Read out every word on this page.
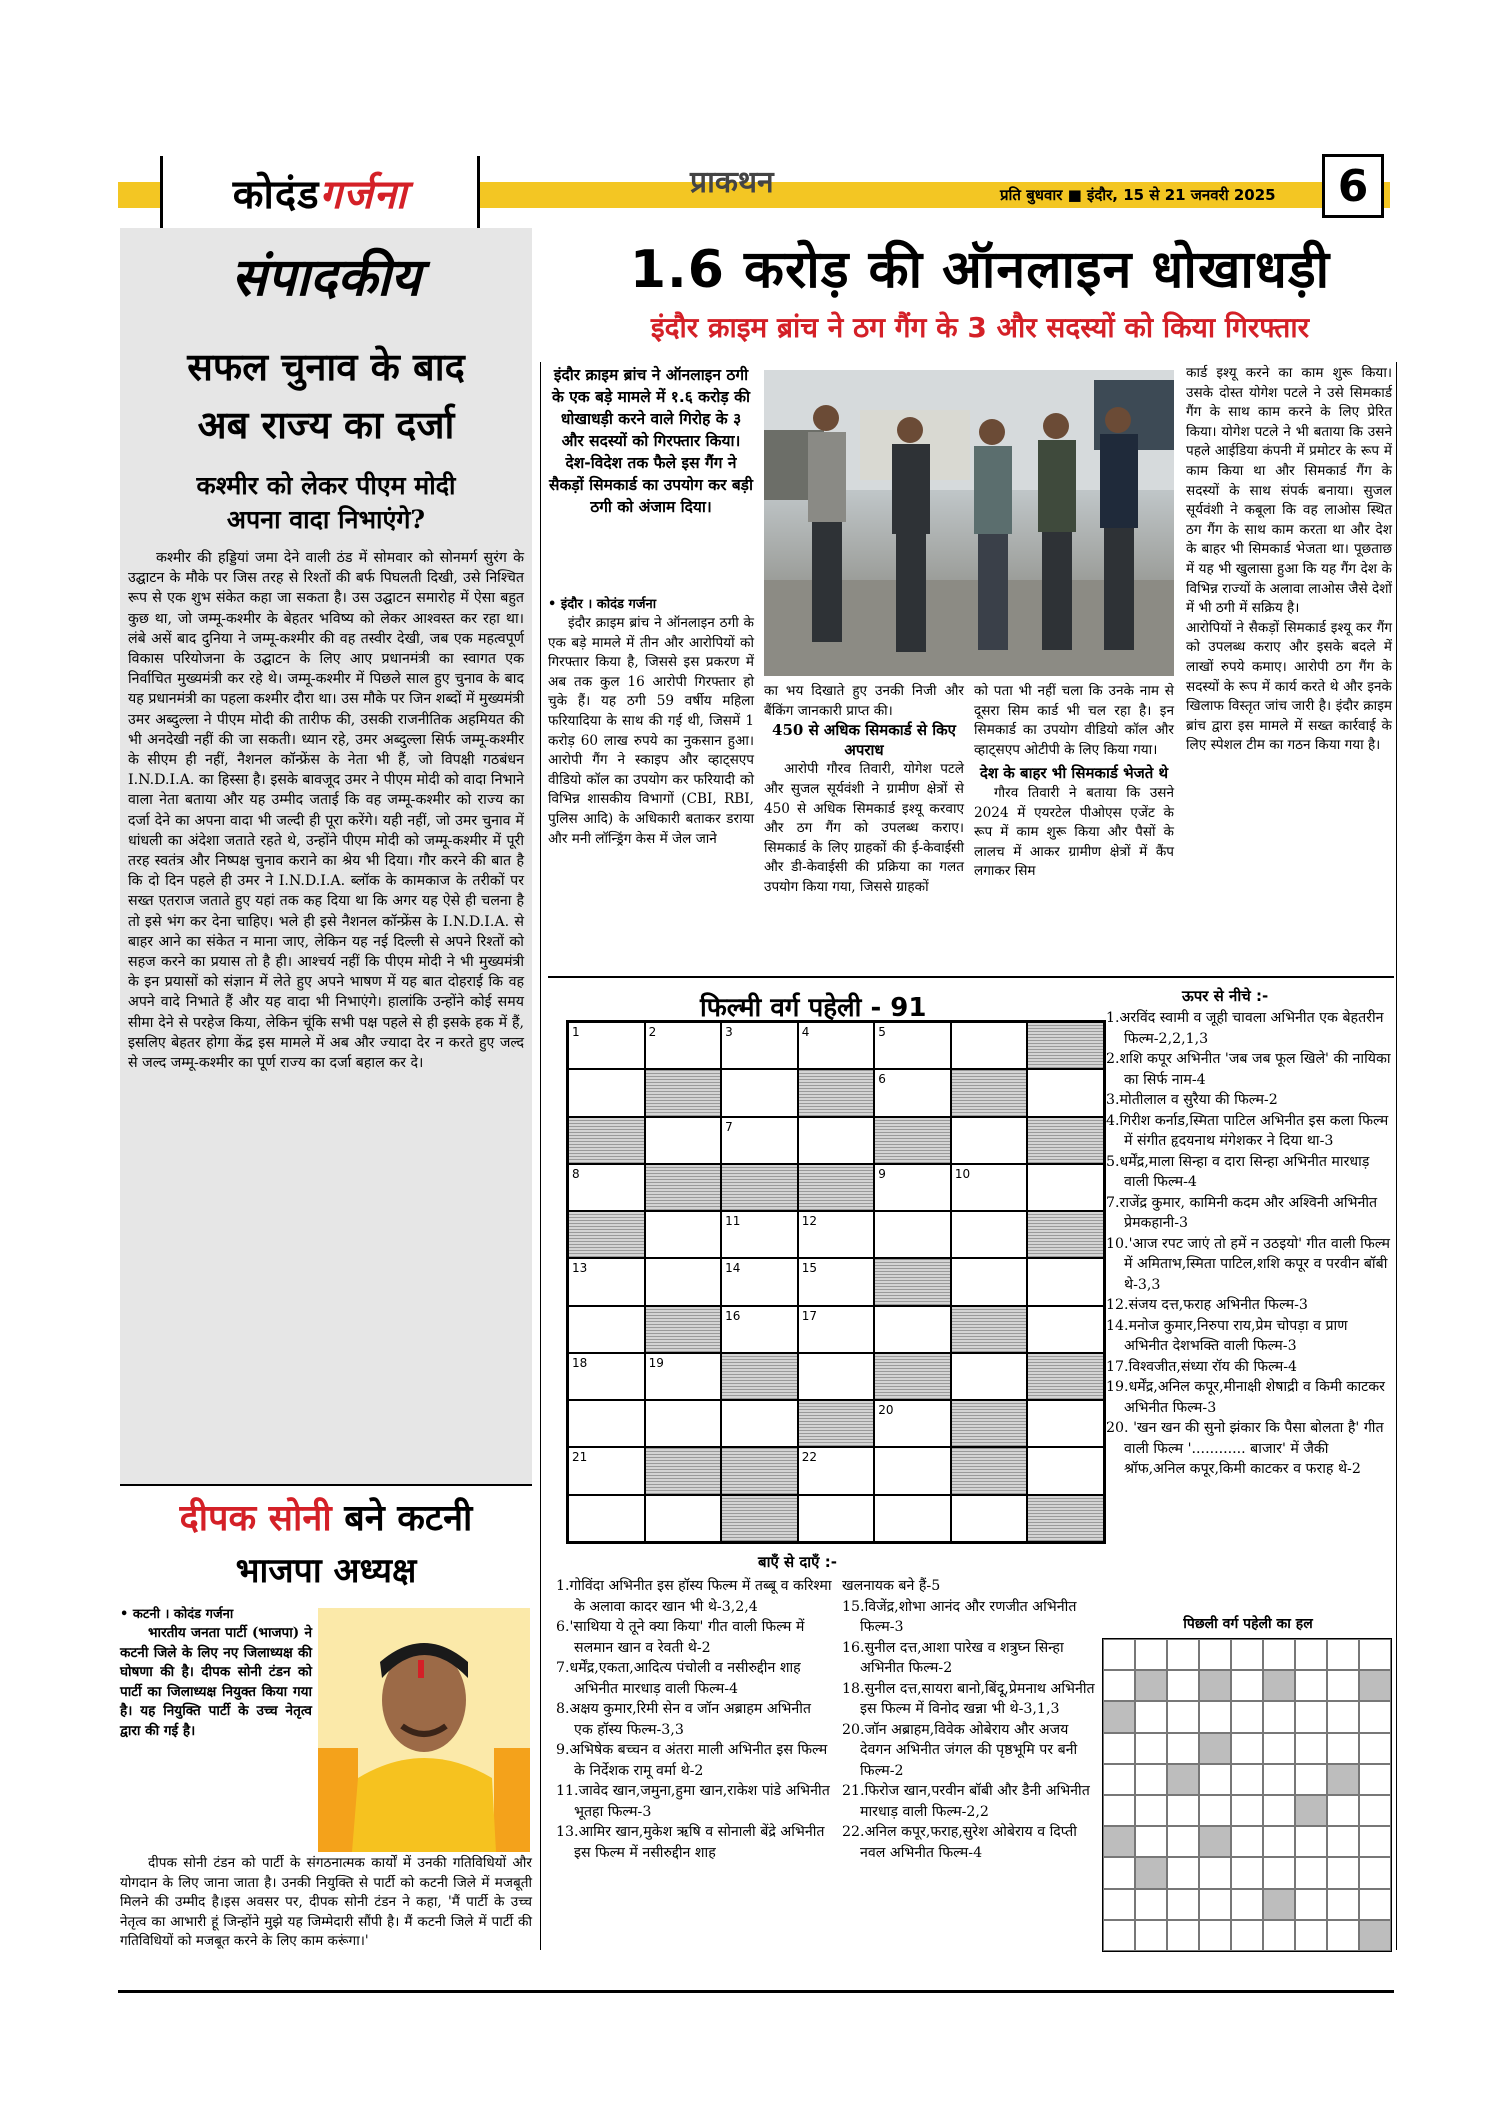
कोदंड गर्जना	प्राकथन	प्रति बुधवार ■ इंदौर, 15 से 21 जनवरी 2025	6
संपादकीय
सफल चुनाव के बाद
अब राज्य का दर्जा
कश्मीर को लेकर पीएम मोदी
अपना वादा निभाएंगे?
कश्मीर की हड्डियां जमा देने वाली ठंड में सोमवार को सोनमर्ग सुरंग के उद्घाटन के मौके पर जिस तरह से रिश्तों की बर्फ पिघलती दिखी, उसे निश्चित रूप से एक शुभ संकेत कहा जा सकता है। उस उद्घाटन समारोह में ऐसा बहुत कुछ था, जो जम्मू-कश्मीर के बेहतर भविष्य को लेकर आश्वस्त कर रहा था। लंबे असें बाद दुनिया ने जम्मू-कश्मीर की वह तस्वीर देखी, जब एक महत्वपूर्ण विकास परियोजना के उद्घाटन के लिए आए प्रधानमंत्री का स्वागत एक निर्वाचित मुख्यमंत्री कर रहे थे। जम्मू-कश्मीर में पिछले साल हुए चुनाव के बाद यह प्रधानमंत्री का पहला कश्मीर दौरा था। उस मौके पर जिन शब्दों में मुख्यमंत्री उमर अब्दुल्ला ने पीएम मोदी की तारीफ की, उसकी राजनीतिक अहमियत की भी अनदेखी नहीं की जा सकती। ध्यान रहे, उमर अब्दुल्ला सिर्फ जम्मू-कश्मीर के सीएम ही नहीं, नैशनल कॉन्फ्रेंस के नेता भी हैं, जो विपक्षी गठबंधन I.N.D.I.A. का हिस्सा है। इसके बावजूद उमर ने पीएम मोदी को वादा निभाने वाला नेता बताया और यह उम्मीद जताई कि वह जम्मू-कश्मीर को राज्य का दर्जा देने का अपना वादा भी जल्दी ही पूरा करेंगे। यही नहीं, जो उमर चुनाव में धांधली का अंदेशा जताते रहते थे, उन्होंने पीएम मोदी को जम्मू-कश्मीर में पूरी तरह स्वतंत्र और निष्पक्ष चुनाव कराने का श्रेय भी दिया। गौर करने की बात है कि दो दिन पहले ही उमर ने I.N.D.I.A. ब्लॉक के कामकाज के तरीकों पर सख्त एतराज जताते हुए यहां तक कह दिया था कि अगर यह ऐसे ही चलना है तो इसे भंग कर देना चाहिए। भले ही इसे नैशनल कॉन्फ्रेंस के I.N.D.I.A. से बाहर आने का संकेत न माना जाए, लेकिन यह नई दिल्ली से अपने रिश्तों को सहज करने का प्रयास तो है ही। आश्चर्य नहीं कि पीएम मोदी ने भी मुख्यमंत्री के इन प्रयासों को संज्ञान में लेते हुए अपने भाषण में यह बात दोहराई कि वह अपने वादे निभाते हैं और यह वादा भी निभाएंगे। हालांकि उन्होंने कोई समय सीमा देने से परहेज किया, लेकिन चूंकि सभी पक्ष पहले से ही इसके हक में हैं, इसलिए बेहतर होगा केंद्र इस मामले में अब और ज्यादा देर न करते हुए जल्द से जल्द जम्मू-कश्मीर का पूर्ण राज्य का दर्जा बहाल कर दे।
1.6 करोड़ की ऑनलाइन धोखाधड़ी
इंदौर क्राइम ब्रांच ने ठग गैंग के 3 और सदस्यों को किया गिरफ्तार
इंदौर क्राइम ब्रांच ने ऑनलाइन ठगी के एक बड़े मामले में १.६ करोड़ की धोखाधड़ी करने वाले गिरोह के ३ और सदस्यों को गिरफ्तार किया। देश-विदेश तक फैले इस गैंग ने सैकड़ों सिमकार्ड का उपयोग कर बड़ी ठगी को अंजाम दिया।
• इंदौर । कोदंड गर्जना
इंदौर क्राइम ब्रांच ने ऑनलाइन ठगी के एक बड़े मामले में तीन और आरोपियों को गिरफ्तार किया है, जिससे इस प्रकरण में अब तक कुल 16 आरोपी गिरफ्तार हो चुके हैं। यह ठगी 59 वर्षीय महिला फरियादिया के साथ की गई थी, जिसमें 1 करोड़ 60 लाख रुपये का नुकसान हुआ। आरोपी गैंग ने स्काइप और व्हाट्सएप वीडियो कॉल का उपयोग कर फरियादी को विभिन्न शासकीय विभागों (CBI, RBI, पुलिस आदि) के अधिकारी बताकर डराया और मनी लॉन्ड्रिंग केस में जेल जाने
का भय दिखाते हुए उनकी निजी और बैंकिंग जानकारी प्राप्त की।
450 से अधिक सिमकार्ड से किए अपराध
आरोपी गौरव तिवारी, योगेश पटले और सुजल सूर्यवंशी ने ग्रामीण क्षेत्रों से 450 से अधिक सिमकार्ड इश्यू करवाए और ठग गैंग को उपलब्ध कराए। सिमकार्ड के लिए ग्राहकों की ई-केवाईसी और डी-केवाईसी की प्रक्रिया का गलत उपयोग किया गया, जिससे ग्राहकों
को पता भी नहीं चला कि उनके नाम से दूसरा सिम कार्ड भी चल रहा है। इन सिमकार्ड का उपयोग वीडियो कॉल और व्हाट्सएप ओटीपी के लिए किया गया।
देश के बाहर भी सिमकार्ड भेजते थे
गौरव तिवारी ने बताया कि उसने 2024 में एयरटेल पीओएस एजेंट के रूप में काम शुरू किया और पैसों के लालच में आकर ग्रामीण क्षेत्रों में कैंप लगाकर सिम
कार्ड इश्यू करने का काम शुरू किया। उसके दोस्त योगेश पटले ने उसे सिमकार्ड गैंग के साथ काम करने के लिए प्रेरित किया। योगेश पटले ने भी बताया कि उसने पहले आईडिया कंपनी में प्रमोटर के रूप में काम किया था और सिमकार्ड गैंग के सदस्यों के साथ संपर्क बनाया। सुजल सूर्यवंशी ने कबूला कि वह लाओस स्थित ठग गैंग के साथ काम करता था और देश के बाहर भी सिमकार्ड भेजता था। पूछताछ में यह भी खुलासा हुआ कि यह गैंग देश के विभिन्न राज्यों के अलावा लाओस जैसे देशों में भी ठगी में सक्रिय है।
आरोपियों ने सैकड़ों सिमकार्ड इश्यू कर गैंग को उपलब्ध कराए और इसके बदले में लाखों रुपये कमाए। आरोपी ठग गैंग के सदस्यों के रूप में कार्य करते थे और इनके खिलाफ विस्तृत जांच जारी है। इंदौर क्राइम ब्रांच द्वारा इस मामले में सख्त कार्रवाई के लिए स्पेशल टीम का गठन किया गया है।
फिल्मी वर्ग पहेली - 91
1	2	3	4	5
6
7
8	9	10
11	12
13	14	15
16	17
18	19
20
21	22
ऊपर से नीचे :-
1.अरविंद स्वामी व जूही चावला अभिनीत एक बेहतरीन फिल्म-2,2,1,3
2.शशि कपूर अभिनीत 'जब जब फूल खिले' की नायिका का सिर्फ नाम-4
3.मोतीलाल व सुरैया की फिल्म-2
4.गिरीश कर्नाड,स्मिता पाटिल अभिनीत इस कला फिल्म में संगीत हृदयनाथ मंगेशकर ने दिया था-3
5.धर्मेंद्र,माला सिन्हा व दारा सिन्हा अभिनीत मारधाड़ वाली फिल्म-4
7.राजेंद्र कुमार, कामिनी कदम और अश्विनी अभिनीत प्रेमकहानी-3
10.'आज रपट जाएं तो हमें न उठइयो' गीत वाली फिल्म में अमिताभ,स्मिता पाटिल,शशि कपूर व परवीन बॉबी थे-3,3
12.संजय दत्त,फराह अभिनीत फिल्म-3
14.मनोज कुमार,निरुपा राय,प्रेम चोपड़ा व प्राण अभिनीत देशभक्ति वाली फिल्म-3
17.विश्वजीत,संध्या रॉय की फिल्म-4
19.धर्मेंद्र,अनिल कपूर,मीनाक्षी शेषाद्री व किमी काटकर अभिनीत फिल्म-3
20. 'खन खन की सुनो झंकार कि पैसा बोलता है' गीत वाली फिल्म '............ बाजार' में जैकी श्रॉफ,अनिल कपूर,किमी काटकर व फराह थे-2
बाएँ से दाएँ :-
1.गोविंदा अभिनीत इस हॉस्य फिल्म में तब्बू व करिश्मा के अलावा कादर खान भी थे-3,2,4
6.'साथिया ये तूने क्या किया' गीत वाली फिल्म में सलमान खान व रेवती थे-2
7.धर्मेंद्र,एकता,आदित्य पंचोली व नसीरुद्दीन शाह अभिनीत मारधाड़ वाली फिल्म-4
8.अक्षय कुमार,रिमी सेन व जॉन अब्राहम अभिनीत एक हॉस्य फिल्म-3,3
9.अभिषेक बच्चन व अंतरा माली अभिनीत इस फिल्म के निर्देशक रामू वर्मा थे-2
11.जावेद खान,जमुना,हुमा खान,राकेश पांडे अभिनीत भूतहा फिल्म-3
13.आमिर खान,मुकेश ऋषि व सोनाली बेंद्रे अभिनीत इस फिल्म में नसीरुद्दीन शाह
खलनायक बने हैं-5
15.विजेंद्र,शोभा आनंद और रणजीत अभिनीत फिल्म-3
16.सुनील दत्त,आशा पारेख व शत्रुघ्न सिन्हा अभिनीत फिल्म-2
18.सुनील दत्त,सायरा बानो,बिंदू,प्रेमनाथ अभिनीत इस फिल्म में विनोद खन्ना भी थे-3,1,3
20.जॉन अब्राहम,विवेक ओबेराय और अजय देवगन अभिनीत जंगल की पृष्ठभूमि पर बनी फिल्म-2
21.फिरोज खान,परवीन बॉबी और डैनी अभिनीत मारधाड़ वाली फिल्म-2,2
22.अनिल कपूर,फराह,सुरेश ओबेराय व दिप्ती नवल अभिनीत फिल्म-4
पिछली वर्ग पहेली का हल
दीपक सोनी बने कटनी
भाजपा अध्यक्ष
• कटनी । कोदंड गर्जना
भारतीय जनता पार्टी (भाजपा) ने कटनी जिले के लिए नए जिलाध्यक्ष की घोषणा की है। दीपक सोनी टंडन को पार्टी का जिलाध्यक्ष नियुक्त किया गया है। यह नियुक्ति पार्टी के उच्च नेतृत्व द्वारा की गई है।
दीपक सोनी टंडन को पार्टी के संगठनात्मक कार्यों में उनकी गतिविधियों और योगदान के लिए जाना जाता है। उनकी नियुक्ति से पार्टी को कटनी जिले में मजबूती मिलने की उम्मीद है।इस अवसर पर, दीपक सोनी टंडन ने कहा, 'मैं पार्टी के उच्च नेतृत्व का आभारी हूं जिन्होंने मुझे यह जिम्मेदारी सौंपी है। मैं कटनी जिले में पार्टी की गतिविधियों को मजबूत करने के लिए काम करूंगा।'
